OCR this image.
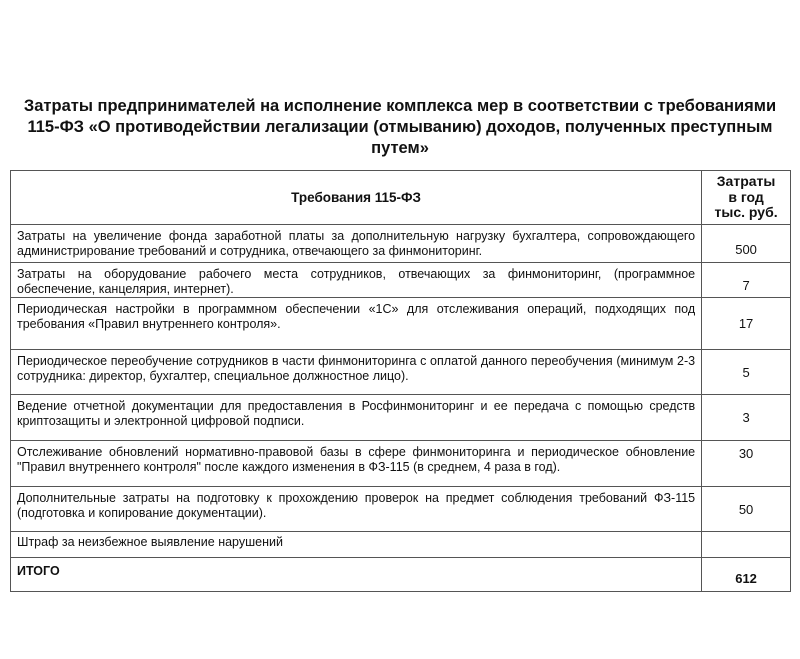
Затраты предпринимателей на исполнение комплекса мер в соответствии с требованиями 115-ФЗ «О противодействии легализации (отмыванию) доходов, полученных преступным путем»
Требования 115-ФЗ	Затраты
в год
тыс. руб.

Затраты на увеличение фонда заработной платы за дополнительную нагрузку бухгалтера, сопровождающего администрирование требований и сотрудника, отвечающего за финмониторинг.	500
Затраты на оборудование рабочего места сотрудников, отвечающих за финмониторинг, (программное обеспечение, канцелярия, интернет).	7
Периодическая настройки в программном обеспечении «1С» для отслеживания операций, подходящих под требования «Правил внутреннего контроля».	17
Периодическое переобучение сотрудников в части финмониторинга с оплатой данного переобучения (минимум 2-3 сотрудника: директор, бухгалтер, специальное должностное лицо).	5
Ведение отчетной документации для предоставления в Росфинмониторинг и ее передача с помощью средств криптозащиты и электронной цифровой подписи.	3
Отслеживание обновлений нормативно-правовой базы в сфере финмониторинга и периодическое обновление "Правил внутреннего контроля" после каждого изменения в ФЗ-115 (в среднем, 4 раза в год).	30
Дополнительные затраты на подготовку к прохождению проверок на предмет соблюдения требований ФЗ-115 (подготовка и копирование документации).	50
Штраф за неизбежное выявление нарушений	
ИТОГО	612
